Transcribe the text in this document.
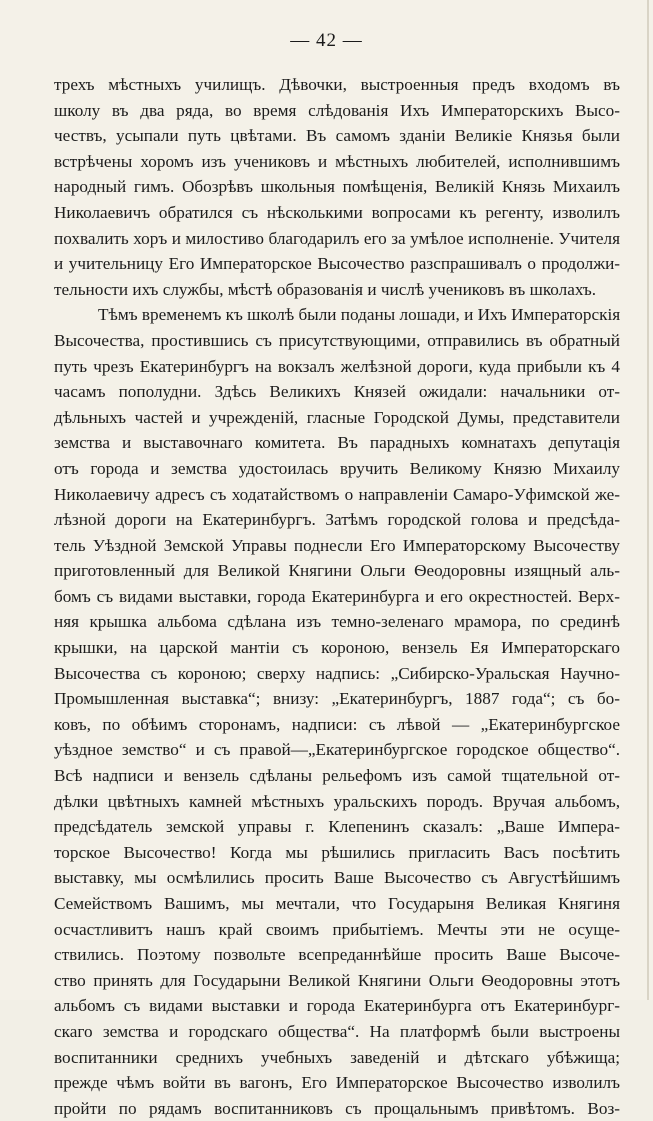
— 42 —
трехъ мѣстныхъ училищъ. Дѣвочки, выстроенныя предъ входомъ въ
школу въ два ряда, во время слѣдованія Ихъ Императорскихъ Высо-
чествъ, усыпали путь цвѣтами. Въ самомъ зданіи Великіе Князья были
встрѣчены хоромъ изъ учениковъ и мѣстныхъ любителей, исполнившимъ
народный гимъ. Обозрѣвъ школьныя помѣщенія, Великій Князь Михаилъ
Николаевичъ обратился съ нѣсколькими вопросами къ регенту, изволилъ
похвалить хоръ и милостиво благодарилъ его за умѣлое исполненіе. Учителя
и учительницу Его Императорское Высочество разспрашивалъ о продолжи-
тельности ихъ службы, мѣстѣ образованія и числѣ учениковъ въ школахъ.
Тѣмъ временемъ къ школѣ были поданы лошади, и Ихъ Императорскія
Высочества, простившись съ присутствующими, отправились въ обратный
путь чрезъ Екатеринбургъ на вокзалъ желѣзной дороги, куда прибыли къ 4
часамъ пополудни. Здѣсь Великихъ Князей ожидали: начальники от-
дѣльныхъ частей и учрежденій, гласные Городской Думы, представители
земства и выставочнаго комитета. Въ парадныхъ комнатахъ депутація
отъ города и земства удостоилась вручить Великому Князю Михаилу
Николаевичу адресъ съ ходатайствомъ о направленіи Самаро-Уфимской же-
лѣзной дороги на Екатеринбургъ. Затѣмъ городской голова и предсѣда-
тель Уѣздной Земской Управы поднесли Его Императорскому Высочеству
приготовленный для Великой Княгини Ольги Ѳеодоровны изящный аль-
бомъ съ видами выставки, города Екатеринбурга и его окрестностей. Верх-
няя крышка альбома сдѣлана изъ темно-зеленаго мрамора, по срединѣ
крышки, на царской мантіи съ короною, вензель Ея Императорскаго
Высочества съ короною; сверху надпись: „Сибирско-Уральская Научно-
Промышленная выставка“; внизу: „Екатеринбургъ, 1887 года“; съ бо-
ковъ, по обѣимъ сторонамъ, надписи: съ лѣвой — „Екатеринбургское
уѣздное земство“ и съ правой—„Екатеринбургское городское общество“.
Всѣ надписи и вензель сдѣланы рельефомъ изъ самой тщательной от-
дѣлки цвѣтныхъ камней мѣстныхъ уральскихъ породъ. Вручая альбомъ,
предсѣдатель земской управы г. Клепенинъ сказалъ: „Ваше Импера-
торское Высочество! Когда мы рѣшились пригласить Васъ посѣтить
выставку, мы осмѣлились просить Ваше Высочество съ Августѣйшимъ
Семействомъ Вашимъ, мы мечтали, что Государыня Великая Княгиня
осчастливитъ нашъ край своимъ прибытіемъ. Мечты эти не осуще-
ствились. Поэтому позвольте всепреданнѣйше просить Ваше Высоче-
ство принять для Государыни Великой Княгини Ольги Ѳеодоровны этотъ
альбомъ съ видами выставки и города Екатеринбурга отъ Екатеринбург-
скаго земства и городскаго общества“. На платформѣ были выстроены
воспитанники среднихъ учебныхъ заведеній и дѣтскаго убѣжища;
прежде чѣмъ войти въ вагонъ, Его Императорское Высочество изволилъ
пройти по рядамъ воспитанниковъ съ прощальнымъ привѣтомъ. Воз-
